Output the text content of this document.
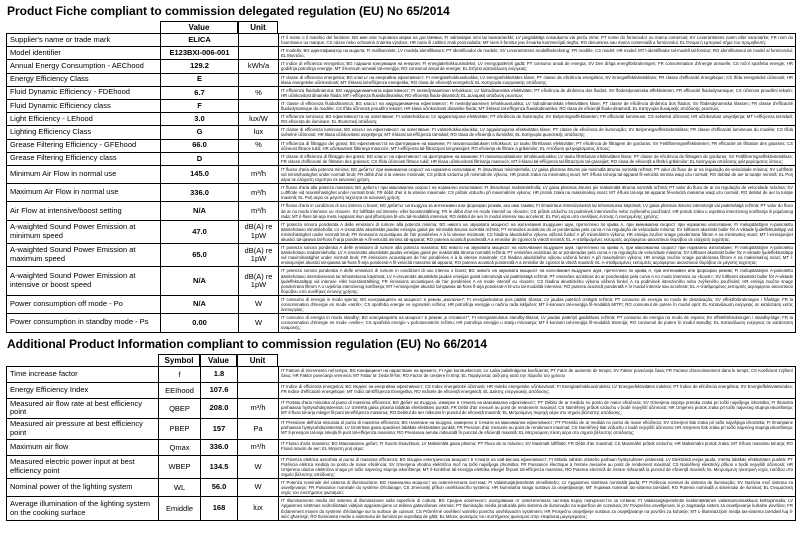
Product Fiche compliant to commission delegated regulation (EU) No 65/2014
Value	Unit
Supplier's name or trade mark	ELICA		IT il nome o il marchio del fornitore; BG име или търговска марка на доставчика; FI valmistajan nimi tai tavaramerkki; LV piegādātāja nosaukums vai preču zīme; PT nome do fornecedor ou marca comercial; SV Leverantörens namn eller varumärke; FR nom du fournisseur ou marque; CS název nebo ochranná známka výrobce; HR naziv ili zaštitni znak proizvođača; MT isem il-fornitur jew il-marka kummerċjali tiegħu; RO denumirea sau marca comercială a furnizorului; EL Όνομα ή εμπορικό σήμα του προμηθευτή;
Model identifier	E123BXI-006-001		IT modello; BG идентификатор на модела; FI mallitunniste; LV modeļa identifikators; PT identificador de modelo; SV Leverantörens modellbeteckning; FR modèle; CS model; HR model; MT l-identifikatur tal-mudell tal-fornitur; RO identificatorul de model al furnizorului; EL Μοντέλο;
Annual Energy Consumption - AEChood	129.2	kWh/a	IT indice di efficienza energetica; BG годишна консумация на енергия; FI energiatehokkuusindeksi; LV energopatēriņš gadā; PT consumo anual de energia; SV Den årliga energiförbrukningen; FR consommation d'énergie annuelle; CS roční spotřeba energie; HR godišnja potrošnja energije; MT il-konsum annwali tal-enerġija; RO consumul anual de energie; EL Ετήσια κατανάλωση ενέργειας;
Energy Efficiency Class	E		IT classe di efficienza energetica; BG класът на енергийна ефективност; FI energiatehokkuusluokka; LV energoefektivitātes klase; PT classe de eficiência energética; SV Energieffektivitetsklass; FR classe d'efficacité énergétique; CS třída energetické účinnosti; HR klasa energetske učinkovitosti; MT il-klassi tal-effiċjenza enerġetika; RO clasa de eficiență energetică; EL Κατηγορία ενεργειακής απόδοσης;
Fluid Dynamic Efficiency - FDEhood	6.7	%	IT efficienza fluidodinamica; BG хидродинамичната ефективност; FI nestedynaaminen tehokkuus; LV hidrodinamiskā efektivitāte; PT eficiência de dinâmica dos fluidos; SV flödesdynamiska effektiviteten; FR efficacité fluidodynamique; CS účinnost proudění tekutin; HR učinkovitost dinamike fluida; MT l-effiċjenza fluwidodinamika; RO eficiența fluido-dinamică; EL Δυναμική απόδοση ρευστών;
Fluid Dynamic Efficiency class	F		IT classe di efficienza fluidodinamica; BG класът на хидродинамична ефективност; FI nestedynaaminen tehokkuusluokka; LV hidrodinamiskās efektivitātes klase; PT classe de eficiência dinâmica dos fluidos; SV flödesdynamiska klassen; FR classe d'efficacité fluidodynamique du modèle; CS třída účinnosti proudění tekutin; HR klasa učinkovitosti dinamike fluida; MT il-klassi tal-effiċjenza fluwidodinamika; RO clasa de eficiență fluido-dinamică; EL Κατηγορία δυναμικής απόδοσης ρευστών;
Light Efficiency - LEhood	3.0	lux/W	IT efficienza luminosa; BG ефективността на осветяване; FI valotehokkuus; LV apgaismojuma efektivitāte; PT eficiência de iluminação; SV Belysningseffektiviteten; FR efficacité lumineuse; CS světelná účinnost; HR učinkovitost osvjetljenja; MT l-effiċjenza tat-tidwil; RO eficiența de iluminare; EL Φωτιστική απόδοση;
Lighting Efficiency Class	G	lux	IT classe di efficienza luminosa; BG класът на ефективност на осветяване; FI valotehokkuusluokka; LV apgaismojuma efektivitātes klase; PT classe de eficiência de iluminação; SV Belysningseffektivitetsklass; FR classe d'efficacité lumineuse du modèle; CS třída světelné účinnosti; HR klasa učinkovitosti osvjetljenja; MT il-klassi tal-effiċjenza tat-tidwil; RO clasa de eficiență a iluminării; EL Κατηγορία φωτιστικής απόδοσης;
Grease Filtering Efficiency - GFEhood	66.0	%	IT efficienza di filtraggio dei grassi; BG ефективността на филтриране на мазнини; FI rasvansuodatuksen tehokkuus; LV tauku filtrēšanas efektivitāte; PT eficiência de filtragem de gorduras; SV Fettfiltreringseffektiviteten; FR efficacité de filtration des graisses; CS účinnost filtrace tuků; HR učinkovitost filtriranja masnoće; MT l-effiċjenza tal-filtrazzjoni tal-grassijiet; RO eficiența de filtrare a grăsimilor; EL Απόδοση φιλτραρίσματος λίπους;
Grease Filtering Efficiency class	D		IT classe di efficienza di filtraggio dei grassi; BG класът на ефективност на филтриране на мазнини; FI rasvansuodatuksen tehokkuusluokka; LV tauku filtrēšanas efektivitātes klase; PT classe de eficiência de filtragem de gorduras; SV Fettfiltreringseffektivitetsklass; FR classe d'efficacité de filtration des graisses; CS třída účinnosti filtrace tuků; HR klasa učinkovitosti filtriranja masnoće; MT il-klassi tal-effiċjenza tal-filtrazzjoni tal-grassijiet; RO clasa de eficiență a filtrării grăsimilor; EL Κατηγορία απόδοσης φιλτραρίσματος λίπους;
Minimum Air Flow in normal use	145.0	m³/h	IT flusso d'aria alla potenza minima; BG дебитът при минимална скорост на нормално използване; FI ilmavirtaus minimiteholla; LV gaisa plūsmas ātrums pie minimālā ātruma normālā režīmā; PT valor do fluxo de ar na regulação de velocidade mínima; SV Luftflöde vid minimihastighet under normalt bruk; FR débit d'air à la vitesse minimale; CS průtok vzduchu při minimálním výkonu; HR protok zraka na minimalnoj snazi; MT il-fluss tal-arja tal-apparat fil-veloċità minima waqt użu normali; RO debitul de aer la turație minimă; EL Ροή αέρα σε ελάχιστη ταχύτητα σε κανονική χρήση;
Maximum Air Flow in normal use	336.0	m³/h	IT flusso d'aria alla potenza massima; BG дебитът при максимална скорост на нормално използване; FI ilmavirtaus maksimiteholla; LV gaisa plūsmas ātrums pie maksimālā ātruma normālā režīmā; PT valor do fluxo de ar na regulação de velocidade máxima; SV Luftflöde vid maximihastighet under normalt bruk; FR débit d'air à la vitesse maximale; CS průtok vzduchu při maximálním výkonu; HR protok zraka na maksimalnoj snazi; MT il-fluss tal-arja tal-apparat fil-veloċità massima waqt użu normali; RO debitul de aer la turație maximă; EL Ροή αέρα σε μέγιστη ταχύτητα σε κανονική χρήση;
Air Flow at intensive/boost setting	N/A	m³/h	IT flusso d'aria in condizioni di uso intenso o boost; BG дебитът на въздуха за интензивен или форсиран режим, ако има такива; FI ilmavirtaus intensiivisessä tai tehostetussa käytössä; LV gaisa plūsmas ātrums intensīvajā vai paātrinātajā režīmā; PT valor do fluxo de ar no modo intensivo ou «boost»; SV luftflöde vid intensiv- eller boostinställning; FR le débit d'air en mode intensif ou «boost»; CS průtok vzduchu za podmínek intenzivního nebo zvýšeného používání; HR protok zraka u uvjetima intenzivnog korištenja ili pojačanog rada; MT il-fluss tal-arja meta l-apparat ikun qed jiffunzjona bl-użu tal-modalità intensiva; RO debitul de aer în modul intensiv sau accelerat; EL Ροή αέρα υπό συνθήκες έντονης ή ενισχυμένης χρήσης;
A-waighted Sound Power Emission at minimum speed	47.0	dB(A) re 1pW	IT potenza sonora ponderata A delle emissioni di rumore alla potenza minima; BG нивото на звуковата мощност на излъчвания въздушен шум, претеглено по крива A, при минимална скорост при нормално използване; FI melupäästöjen A-painotettu äänitehotaso minimiteholla; LV A-izsvarotās akustiskās jaudas emisijas gaisā pie minimālā ātruma normālā režīmā; PT emissões acústicas do ar ponderadas pela curva A na regulação de velocidade mínima; SV luftburet akustiskt buller för A-viktade ljudeffektutsläpp vid minimihastighet under normalt bruk; FR émissions acoustiques de l'air pondérées A à la vitesse minimale; CS hladina akustického výkonu vážená funkcí A při minimálním výkonu; HR emisija zvučne snage ponderirana filtrom A na minimalnoj snazi; MT l-emissjonijiet akustiċi tal-qawwa tal-ħoss fl-arja ponderati-A fil-veloċità minima tal-apparat; RO puterea acustică ponderată A a emisiilor de zgomot la viteză minimă; EL Α-σταθμισμένες εκπομπές αερόφερτου ακουστικού θορύβου σε ελάχιστη ταχύτητα;
A-waighted Sound Power Emission at maximum speed	65.0	dB(A) re 1pW	IT potenza sonora ponderata A delle emissioni di rumore alla potenza massima; BG нивото на звуковата мощност на излъчвания въздушен шум, претеглено по крива A, при максимална скорост при нормално използване; FI melupäästöjen A-painotettu äänitehotaso maksimiteholla; LV A-izsvarotās akustiskās jaudas emisijas gaisā pie maksimālā ātruma normālā režīmā; PT emissões acústicas do ar ponderadas pela curva A na regulação de velocidade máxima; SV luftburet akustiskt buller för A-viktade ljudeffektutsläpp vid maximihastighet under normalt bruk; FR émissions acoustiques de l'air pondérées A à la vitesse maximale; CS hladina akustického výkonu vážená funkcí A při maximálním výkonu; HR emisija zvučne snage ponderirana filtrom A na maksimalnoj snazi; MT l-emissjonijiet akustiċi tal-qawwa tal-ħoss fl-arja ponderati-A fil-veloċità massima tal-apparat; RO puterea acustică ponderată A a emisiilor de zgomot la viteză maximă; EL Α-σταθμισμένες εκπομπές αερόφερτου ακουστικού θορύβου σε μέγιστη ταχύτητα;
A-waighted Sound Power Emission at intensive or boost speed	N/A	dB(A) re 1pW	IT potenza sonora ponderata A delle emissioni di rumore in condizioni di uso intenso o boost; BG нивото на звуковата мощност на излъчвания въздушен шум, претеглено по крива A, при интензивен или форсиран режим; FI melupäästöjen A-painotettu äänitehotaso intensiivisessä tai tehostetussa käytössä; LV A-izsvarotās akustiskās jaudas emisijas gaisā intensīvajā vai paātrinātajā režīmā; PT emissões acústicas do ar ponderadas pela curva A no modo intensivo ou «boost»; SV luftburet akustiskt buller för A-viktade ljudeffektutsläpp vid intensiv- eller boostinställning; FR émissions acoustiques de l'air pondérées A en mode intensif ou «boost»; CS hladina akustického výkonu vážená funkcí A za podmínek intenzivního nebo zvýšeného používání; HR emisija zvučne snage ponderirana filtrom A u uvjetima intenzivnog korištenja; MT l-emissjonijiet akustiċi tal-qawwa tal-ħoss fl-arja ponderati-A bl-użu tal-modalità intensiva; RO puterea acustică ponderată A în modul intensiv sau accelerat; EL Α-σταθμισμένες εκπομπές αερόφερτου ακουστικού θορύβου υπό συνθήκες έντονης χρήσης;
Power consumption off mode - Po	N/A	W	IT consumo di energia in modo spento; BG консумацията на мощност в режим „изключен“; FI energiankulutus pois päältä -tilassa; LV jaudas patēriņš izslēgtā režīmā; PT consumo de energia no modo de desativação; SV effektförbrukningen i frånläge; FR la consommation d'énergie en mode «arrêt»; CS spotřeba energie ve vypnutém režimu; HR potrošnja energije u načinu rada isključen; MT il-konsum tal-enerġija fil-modalità MITFI; RO consumul de putere în modul oprit; EL Κατανάλωση ενέργειας σε κατάσταση εκτός λειτουργίας;
Power consumption in standby mode - Ps	0.00	W	IT consumo di energia in modo standby; BG консумацията на мощност в режим „в готовност“; FI energiankulutus standby-tilassa; LV jaudas patēriņš gaidstāves režīmā; PT consumo de energia no modo de espera; SV effektförbrukningen i standby-läge; FR la consommation d'énergie en mode «veille»; CS spotřeba energie v pohotovostním režimu; HR potrošnja energije u stanju mirovanja; MT il-konsum tal-enerġija fil-modalità Stennija; RO consumul de putere în modul standby; EL Κατανάλωση ενέργειας σε κατάσταση αναμονής;
Additional Product Information compliant to commission regulation (EU) No 66/2014
Symbol	Value	Unit
Time increase factor	f	1.8		IT Fattore di incremento nel tempo; BG Коефициент на нарастване на времето; FI Ajan korotuskerroin; LV Laika palielinājuma koeficients; PT Fator de aumento de tempo; SV Faktor povećanja časa; FR Facteur d'accroissement dans le temps; CS Koeficient zvýšení času; HR Faktor povećanja vremena; MT Fattur ta' żieda fil-ħin; RO Factor de creștere în timp; EL Παράγοντας αύξησης κατά την πάροδο του χρόνου
Energy Efficiency Index	EEIhood	107.6		IT Indice di efficienza energetica; BG Индекс на енергийна ефективност; CS Index energetické účinnosti; HR Indeks energetske učinkovitosti; FI Energiatehokkuusindeksi; LV Energoefektivitātes indekss; PT Índice de eficiência energética; SV Energieffektivitetsindex; FR Indice d'efficacité énergétique; MT Indiċi tal-Effiċjenza Enerġetika; RO Indicele de eficiență energetică; EL Δείκτης ενεργειακής απόδοσης;
Measured air flow rate at best efficiency point	QBEP	208.0	m³/h	IT Portata d'aria misurata al punto di massima efficienza; BG Дебит на въздуха, измерен в точката на максимална ефективност; PT Débito de ar medido no ponto de maior eficiência; SV Izmerjena stopnja pretoka zraka pri točki najvišjega izkoristka; FI Ilmavirta parhaassa hyötysuhdepisteessä; LV Izmērītā gaisa plūsma labākās efektivitātes punktā; FR Débit d'air mesuré au point de rendement maximal; CS Naměřený průtok vzduchu v bodě nejvyšší účinnosti; HR Izmjereni protok zraka pri točki najvećeg stupnja iskorištenja; MT Il-fluss tal-arja mkejjel fil-punt tal-effiċjenza massima; RO Debitul de aer măsurat în punctul de eficiență maximă; EL Μετρούμενη παροχή αέρα στο σημείο βέλτιστης απόδοσης;
Measured air pressure at best efficiency point	PBEP	157	Pa	IT Pressione dell'aria misurata al punto di massima efficienza; BG Налягане на въздуха, измерено в точката на максимална ефективност; PT Pressão de ar medida no ponto de maior eficiência; SV Izmerjeni tlak zraka pri točki najvišjega izkoristka; FI Ilmanpaine parhaassa hyötysuhdepisteessä; LV Izmērītais gaisa spiediens labākās efektivitātes punktā; FR Pression d'air mesurée au point de rendement maximal; CS Naměřený tlak vzduchu v bodě nejvyšší účinnosti; HR Izmjereni tlak zraka pri točki najvećeg stupnja iskorištenja; MT Il-pressjoni tal-arja mkejla fil-punt tal-effiċjenza massima; RO Presiunea aerului măsurată în punctul de eficiență maximă; EL Μετρούμενη πίεση αέρα στο σημείο βέλτιστης απόδοσης;
Maximum air flow	Qmax	336.0	m³/h	IT Flusso d'aria massimo; BG Максимален дебит; FI Suurin ilmavirtaus; LV Maksimālā gaisa plūsma; PT Fluxo de ar máximo; SV Maximalt luftflöde; FR Débit d'air maximal; CS Maximální průtok vzduchu; HR Maksimalni protok zraka; MT Il-fluss massimu tal-arja; RO Fluxul maxim de aer; EL Μέγιστη ροή αέρα;
Measured electric power input at best efficiency point	WBEP	134.5	W	IT Potenza elettrica assorbita al punto di massima efficienza; BG Входна електрическа мощност в точката на най-висока ефективност; FI Mitattu sähkön ottoteho parhaan hyötysuhteen pisteessä; LV Elektriskā ieejas jauda, mērīta labākās efektivitātes punktā; PT Potência elétrica medida no ponto de maior eficiência; SV Izmerjena vhodna električna moč na točki najvišjega izkoristka; FR Puissance électrique à l'entrée mesurée au point de rendement maximal; CS Naměřený elektrický příkon v bodě nejvyšší účinnosti; HR Izmjerena ulazna električna snaga pri točki najvećeg stupnja iskorištenja; MT Il-kontribut tal-enerġija elettrika mkejjel fil-punt tal-effiċjenza massima; RO Puterea electrică de intrare măsurată la punctul de eficiență maximă; EL Μετρούμενη ηλεκτρική ισχύς εισόδου στο σημείο βέλτιστης απόδοσης;
Nominal power of the lighting system	WL	56.0	W	IT Potenza nominale del sistema di illuminazione; BG Номинална мощност на осветителната система; FI Valaistusjärjestelmän nimellisteho; LV Apgaismes sistēmas nominālā jauda; PT Potência nominal do sistema de iluminação; SV Nazivna moč sistema za osvetljevanje; FR Puissance nominale du système d'éclairage; CS Jmenovitý příkon osvětlovacího systému; HR Nominalna snaga sustava za osvjetljavanje; MT Il-qawwa nominali tas-sistema tat-tidwil; RO Puterea nominală a sistemului de iluminat; EL Ονομαστική ισχύς του συστήματος φωτισμού;
Average illumination of the lighting system on the cooking surface	Emiddle	168	lux	IT Illuminamento medio del sistema di illuminazione sulla superficie di cottura; BG Средна осветеност, осигурявана от осветителната система върху повърхността за готвене; FI Valaistusjärjestelmän keskimääräinen valaistusvoimakkuus keittopinnalla; LV Apgaismes sistēmas nodrošinātais vidējais apgaismojums uz ēdiena gatavošanas virsmas; PT Iluminação média produzida pelo sistema de iluminação na superfície de cozedura; SV Povprečna osvetljenost, ki jo zagotavlja sistem za osvetljevanje kuhalne površine; FR Éclairement moyen du système d'éclairage sur la surface de cuisson; CS Průměrné osvětlení varného povrchu osvětlovacím systémem; HR Prosječno osvjetljenje sustava za osvjetljavanje na površini za kuhanje; MT L-illuminazzjoni medja tas-sistema tat-tidwil fuq il-wiċċ għat-tisjir; RO Iluminarea medie a sistemului de iluminat pe suprafața de gătit; EL Μέσος φωτισμός του συστήματος φωτισμού στην επιφάνεια μαγειρέματος;
